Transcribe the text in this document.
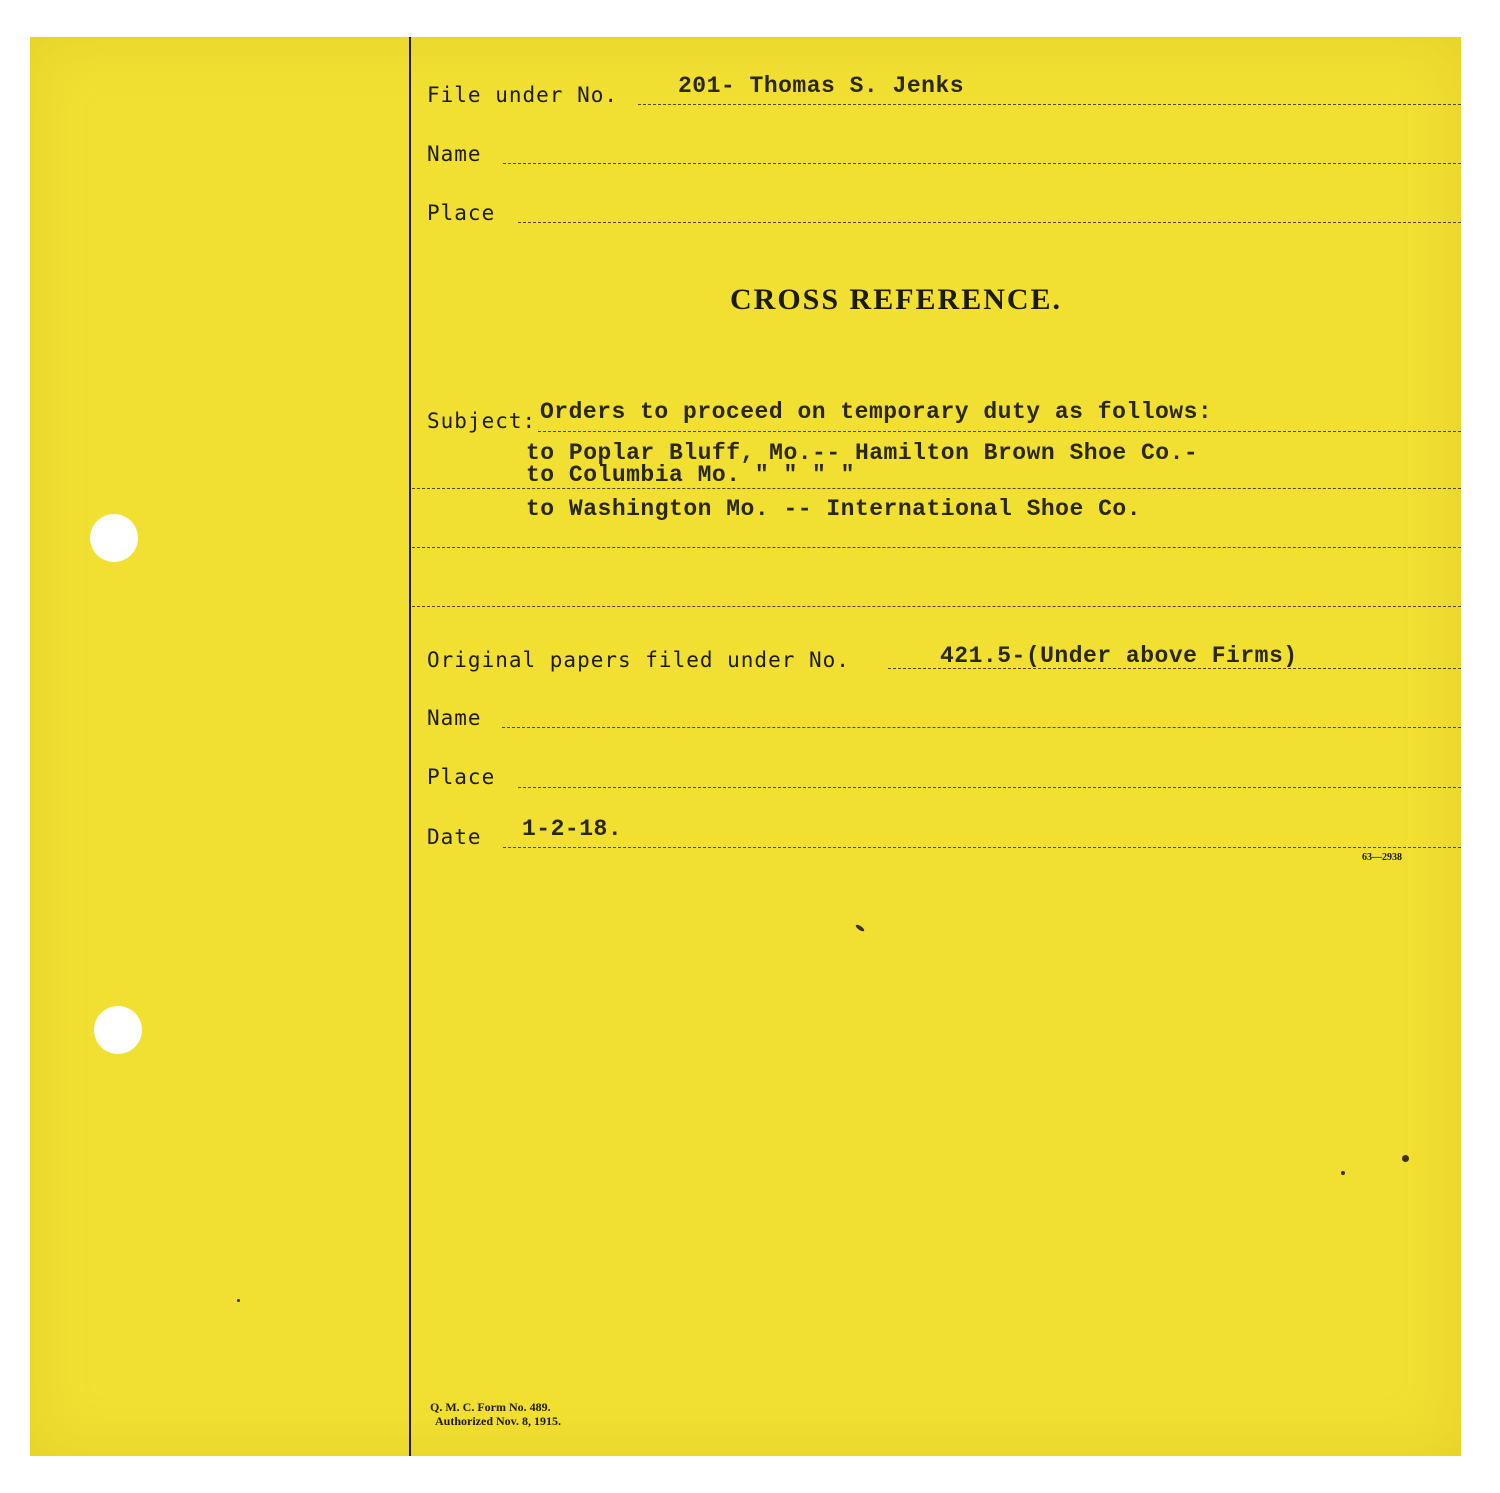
File under No.	201- Thomas S. Jenks
Name
Place
CROSS REFERENCE.
Subject: Orders to proceed on temporary duty as follows:
to Poplar Bluff, Mo.-- Hamilton Brown Shoe Co.-
to Columbia Mo. " " " "
to Washington Mo. -- International Shoe Co.
Original papers filed under No.	421.5-(Under above Firms)
Name
Place
Date 1-2-18.
63—2938
Q. M. C. Form No. 489.
Authorized Nov. 8, 1915.
